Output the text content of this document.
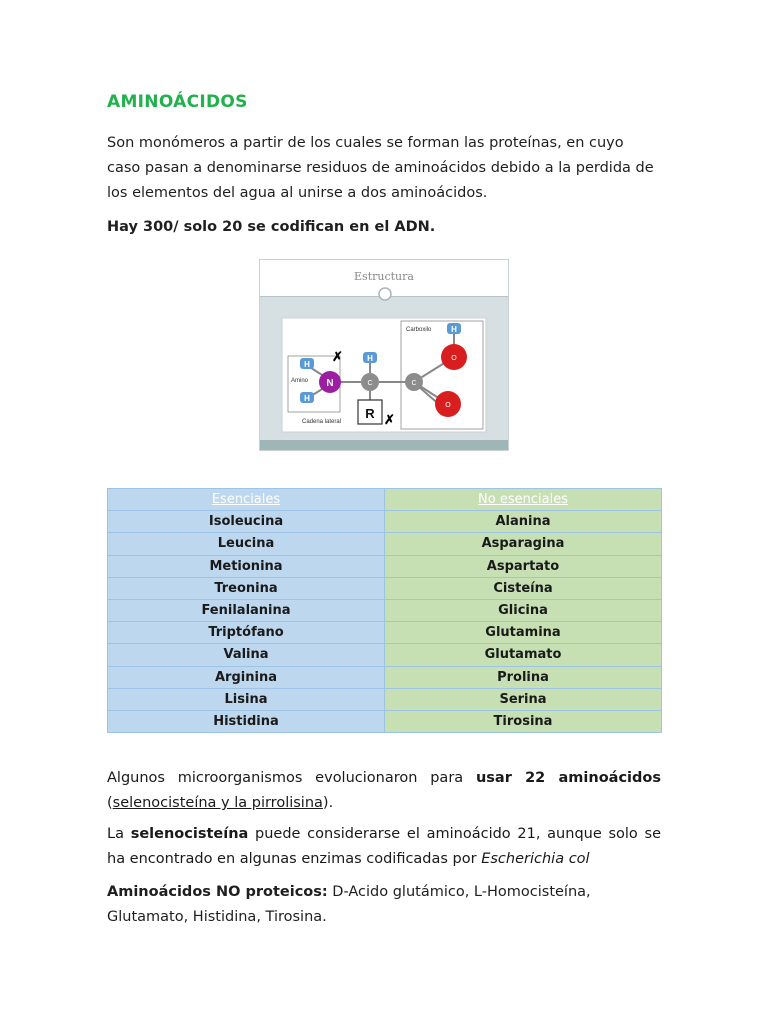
AMINOÁCIDOS
Son monómeros a partir de los cuales se forman las proteínas, en cuyo caso pasan a denominarse residuos de aminoácidos debido a la perdida de los elementos del agua al unirse a dos aminoácidos.
Hay 300/ solo 20 se codifican en el ADN.
Estructura
Carboxilo
Amino
Cadena lateral
✗
✗
H
H
H
H
N	C	C
O
O
R
Esenciales	No esenciales
Isoleucina	Alanina
Leucina	Asparagina
Metionina	Aspartato
Treonina	Cisteína
Fenilalanina	Glicina
Triptófano	Glutamina
Valina	Glutamato
Arginina	Prolina
Lisina	Serina
Histidina	Tirosina
Algunos microorganismos evolucionaron para usar 22 aminoácidos (selenocisteína y la pirrolisina).
La selenocisteína puede considerarse el aminoácido 21, aunque solo se ha encontrado en algunas enzimas codificadas por Escherichia col
Aminoácidos NO proteicos: D-Acido glutámico, L-Homocisteína, Glutamato, Histidina, Tirosina.
